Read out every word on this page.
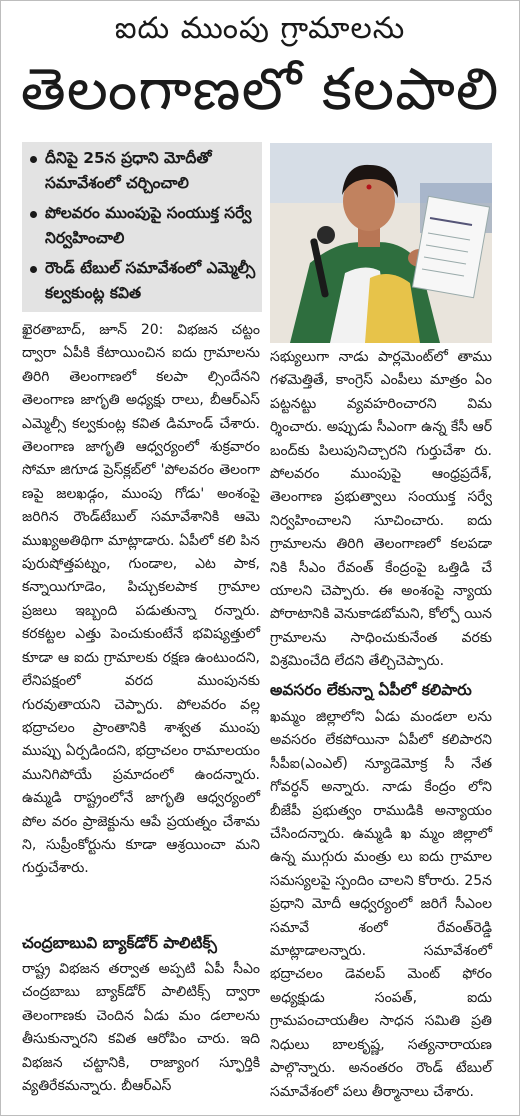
ఐదు ముంపు గ్రామాలను
తెలంగాణలో కలపాలి
దీనిపై 25న ప్రధాని మోదీతో సమావేశంలో చర్చించాలి
పోలవరం ముంపుపై సంయుక్త సర్వే నిర్వహించాలి
రౌండ్ టేబుల్ సమావేశంలో ఎమ్మెల్సీ కల్వకుంట్ల కవిత
ఖైరతాబాద్, జూన్ 20: విభజన చట్టం ద్వారా ఏపీకి కేటాయించిన ఐదు గ్రామాలను తిరిగి తెలంగాణలో కలపా ల్సిందేనని తెలంగాణ జాగృతి అధ్యక్షు రాలు, బీఆర్ఎస్ ఎమ్మెల్సీ కల్వకుంట్ల కవిత డిమాండ్ చేశారు. తెలంగాణ జాగృతి ఆధ్వర్యంలో శుక్రవారం సోమా జిగూడ ప్రెస్‌క్లబ్‌లో 'పోలవరం తెలంగా ణపై జలఖడ్గం, ముంపు గోడు' అంశంపై జరిగిన రౌండ్‌టేబుల్ సమావేశానికి ఆమె ముఖ్యఅతిథిగా మాట్లాడారు. ఏపీలో కలి పిన పురుషోత్తపట్నం, గుండాల, ఎట పాక, కన్నాయిగూడెం, పిచ్చుకలపాక గ్రామాల ప్రజలు ఇబ్బంది పడుతున్నా రన్నారు. కరకట్టల ఎత్తు పెంచుకుంటేనే భవిష్యత్తులో కూడా ఆ ఐదు గ్రామాలకు రక్షణ ఉంటుందని, లేనిపక్షంలో వరద ముంపునకు గురవుతాయని చెప్పారు. పోలవరం వల్ల భద్రాచలం ప్రాంతానికి శాశ్వత ముంపు ముప్పు ఏర్పడిందని, భద్రాచలం రామాలయం మునిగిపోయే ప్రమాదంలో ఉందన్నారు. ఉమ్మడి రాష్ట్రంలోనే జాగృతి ఆధ్వర్యంలో పోల వరం ప్రాజెక్టును ఆపే ప్రయత్నం చేశామ ని, సుప్రీంకోర్టును కూడా ఆశ్రయించా మని గుర్తుచేశారు.
చంద్రబాబువి బ్యాక్‌డోర్ పాలిటిక్స్
రాష్ట్ర విభజన తర్వాత అప్పటి ఏపీ సీఎం చంద్రబాబు బ్యాక్‌డోర్ పాలిటిక్స్ ద్వారా తెలంగాణకు చెందిన ఏడు మం డలాలను తీసుకున్నారని కవిత ఆరోపిం చారు. ఇది విభజన చట్టానికి, రాజ్యాంగ స్ఫూర్తికి వ్యతిరేకమన్నారు. బీఆర్ఎస్
సభ్యులుగా నాడు పార్లమెంట్‌లో తాము గళమెత్తితే, కాంగ్రెస్ ఎంపీలు మాత్రం ఏం పట్టనట్టు వ్యవహరించారని విమ ర్శించారు. అప్పుడు సీఎంగా ఉన్న కేసీ ఆర్ బంద్‌కు పిలుపునిచ్చారని గుర్తుచేశా రు. పోలవరం ముంపుపై ఆంధ్రప్రదేశ్, తెలంగాణ ప్రభుత్వాలు సంయుక్త సర్వే నిర్వహించాలని సూచించారు. ఐదు గ్రామాలను తిరిగి తెలంగాణలో కలపడా నికి సీఎం రేవంత్ కేంద్రంపై ఒత్తిడి చే యాలని చెప్పారు. ఈ అంశంపై న్యాయ పోరాటానికి వెనుకాడబోమని, కోల్పో యిన గ్రామాలను సాధించుకునేంత వరకు విశ్రమించేది లేదని తేల్చిచెప్పారు.
అవసరం లేకున్నా ఏపీలో కలిపారు
ఖమ్మం జిల్లాలోని ఏడు మండలా లను అవసరం లేకపోయినా ఏపీలో కలిపారని సీపీఐ(ఎంఎల్) న్యూడెమోక్ర సీ నేత గోవర్ధన్ అన్నారు. నాడు కేంద్రం లోని బీజేపీ ప్రభుత్వం రాముడికి అన్యాయం చేసిందన్నారు. ఉమ్మడి ఖ మ్మం జిల్లాలో ఉన్న ముగ్గురు మంత్రు లు ఐదు గ్రామాల సమస్యలపై స్పందిం చాలని కోరారు. 25న ప్రధాని మోదీ ఆధ్వర్యంలో జరిగే సీఎంల సమావే శంలో రేవంత్‌రెడ్డి మాట్లాడాలన్నారు. సమావేశంలో భద్రాచలం డెవలప్ మెంట్ ఫోరం అధ్యక్షుడు సంపత్, ఐదు గ్రామపంచాయతీల సాధన సమితి ప్రతి నిధులు బాలకృష్ణ, సత్యనారాయణ పాల్గొన్నారు. అనంతరం రౌండ్ టేబుల్ సమావేశంలో పలు తీర్మానాలు చేశారు.
